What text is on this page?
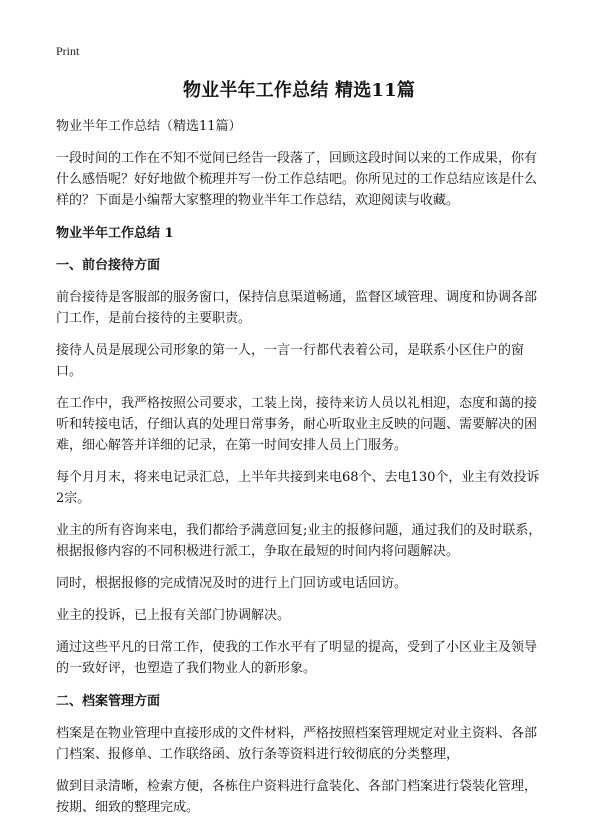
Print
物业半年工作总结 精选11篇
物业半年工作总结（精选11篇）

一段时间的工作在不知不觉间已经告一段落了，回顾这段时间以来的工作成果，你有什么感悟呢？好好地做个梳理并写一份工作总结吧。你所见过的工作总结应该是什么样的？下面是小编帮大家整理的物业半年工作总结，欢迎阅读与收藏。

物业半年工作总结 1
一、前台接待方面

前台接待是客服部的服务窗口，保持信息渠道畅通，监督区域管理、调度和协调各部门工作，是前台接待的主要职责。

接待人员是展现公司形象的第一人，一言一行都代表着公司，是联系小区住户的窗口。

在工作中，我严格按照公司要求，工装上岗，接待来访人员以礼相迎，态度和蔼的接听和转接电话，仔细认真的处理日常事务，耐心听取业主反映的问题、需要解决的困难，细心解答并详细的记录，在第一时间安排人员上门服务。

每个月月末，将来电记录汇总，上半年共接到来电68个、去电130个，业主有效投诉2宗。

业主的所有咨询来电，我们都给予满意回复;业主的报修问题，通过我们的及时联系，根据报修内容的不同积极进行派工，争取在最短的时间内将问题解决。

同时，根据报修的完成情况及时的进行上门回访或电话回访。

业主的投诉，已上报有关部门协调解决。

通过这些平凡的日常工作，使我的工作水平有了明显的提高，受到了小区业主及领导的一致好评，也塑造了我们物业人的新形象。

二、档案管理方面

档案是在物业管理中直接形成的文件材料，严格按照档案管理规定对业主资料、各部门档案、报修单、工作联络函、放行条等资料进行较彻底的分类整理，

做到目录清晰，检索方便，各栋住户资料进行盒装化、各部门档案进行袋装化管理，按期、细致的整理完成。
